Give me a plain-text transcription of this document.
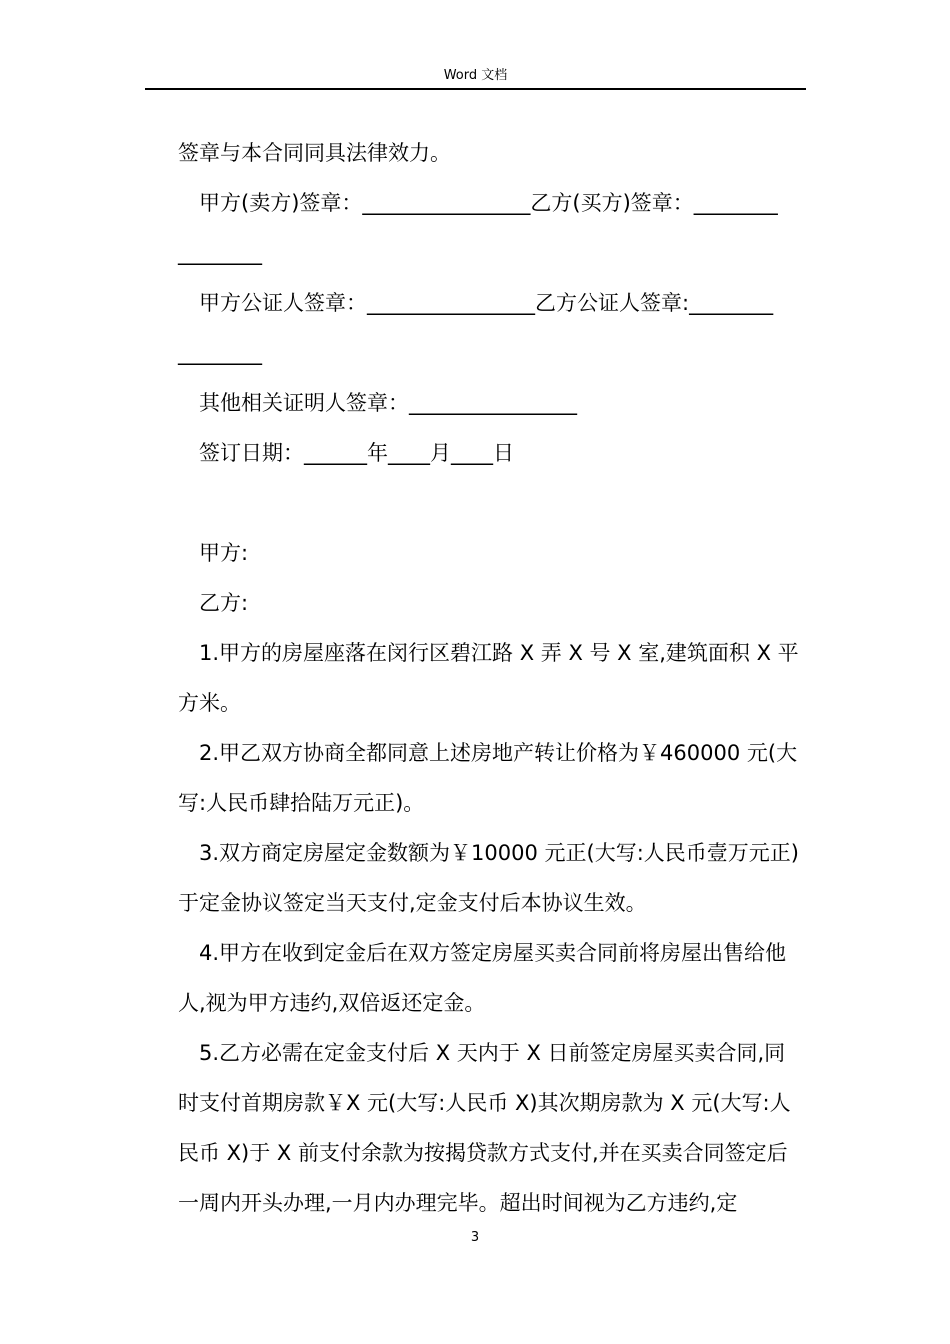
Word 文档

签章与本合同同具法律效力。

甲方(卖方)签章：________________乙方(买方)签章：________

________

甲方公证人签章：________________乙方公证人签章:________

________

其他相关证明人签章：________________

签订日期：______年____月____日

甲方:

乙方:

1.甲方的房屋座落在闵行区碧江路 X 弄 X 号 X 室,建筑面积 X 平方米。

2.甲乙双方协商全都同意上述房地产转让价格为￥460000 元(大写:人民币肆拾陆万元正)。

3.双方商定房屋定金数额为￥10000 元正(大写:人民币壹万元正)于定金协议签定当天支付,定金支付后本协议生效。

4.甲方在收到定金后在双方签定房屋买卖合同前将房屋出售给他人,视为甲方违约,双倍返还定金。

5.乙方必需在定金支付后 X 天内于 X 日前签定房屋买卖合同,同时支付首期房款￥X 元(大写:人民币 X)其次期房款为 X 元(大写:人民币 X)于 X 前支付余款为按揭贷款方式支付,并在买卖合同签定后一周内开头办理,一月内办理完毕。超出时间视为乙方违约,定

3
